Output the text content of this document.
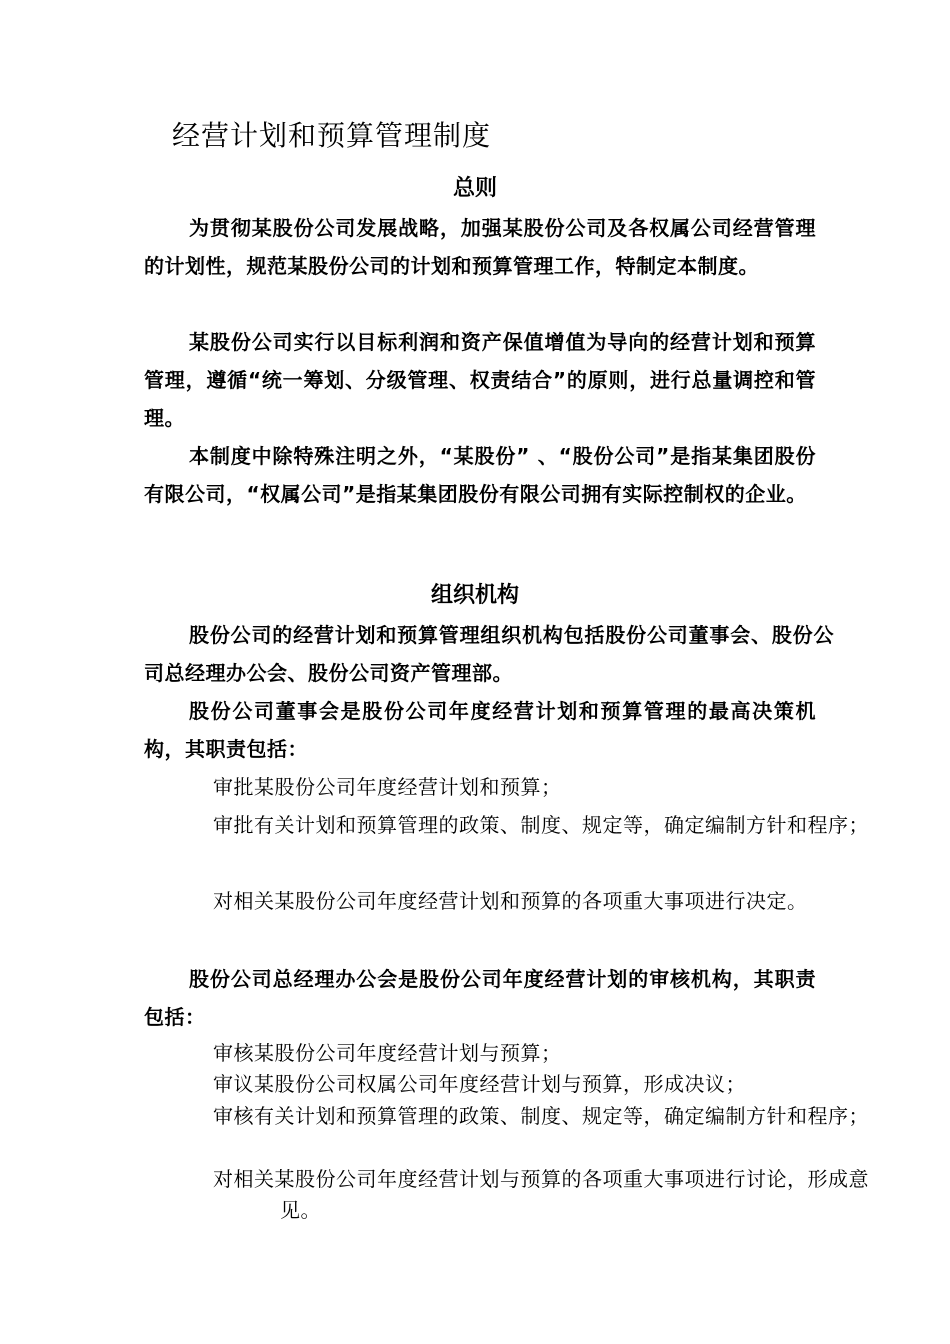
经营计划和预算管理制度
总则

为贯彻某股份公司发展战略，加强某股份公司及各权属公司经营管理的计划性，规范某股份公司的计划和预算管理工作，特制定本制度。

某股份公司实行以目标利润和资产保值增值为导向的经营计划和预算管理，遵循“统一筹划、分级管理、权责结合”的原则，进行总量调控和管理。

本制度中除特殊注明之外，“某股份” 、“股份公司”是指某集团股份有限公司，“权属公司”是指某集团股份有限公司拥有实际控制权的企业。

组织机构

股份公司的经营计划和预算管理组织机构包括股份公司董事会、股份公司总经理办公会、股份公司资产管理部。

股份公司董事会是股份公司年度经营计划和预算管理的最高决策机构，其职责包括：

审批某股份公司年度经营计划和预算；

审批有关计划和预算管理的政策、制度、规定等，确定编制方针和程序；

对相关某股份公司年度经营计划和预算的各项重大事项进行决定。

股份公司总经理办公会是股份公司年度经营计划的审核机构，其职责包括：

审核某股份公司年度经营计划与预算；

审议某股份公司权属公司年度经营计划与预算，形成决议；

审核有关计划和预算管理的政策、制度、规定等，确定编制方针和程序；

对相关某股份公司年度经营计划与预算的各项重大事项进行讨论，形成意见。
